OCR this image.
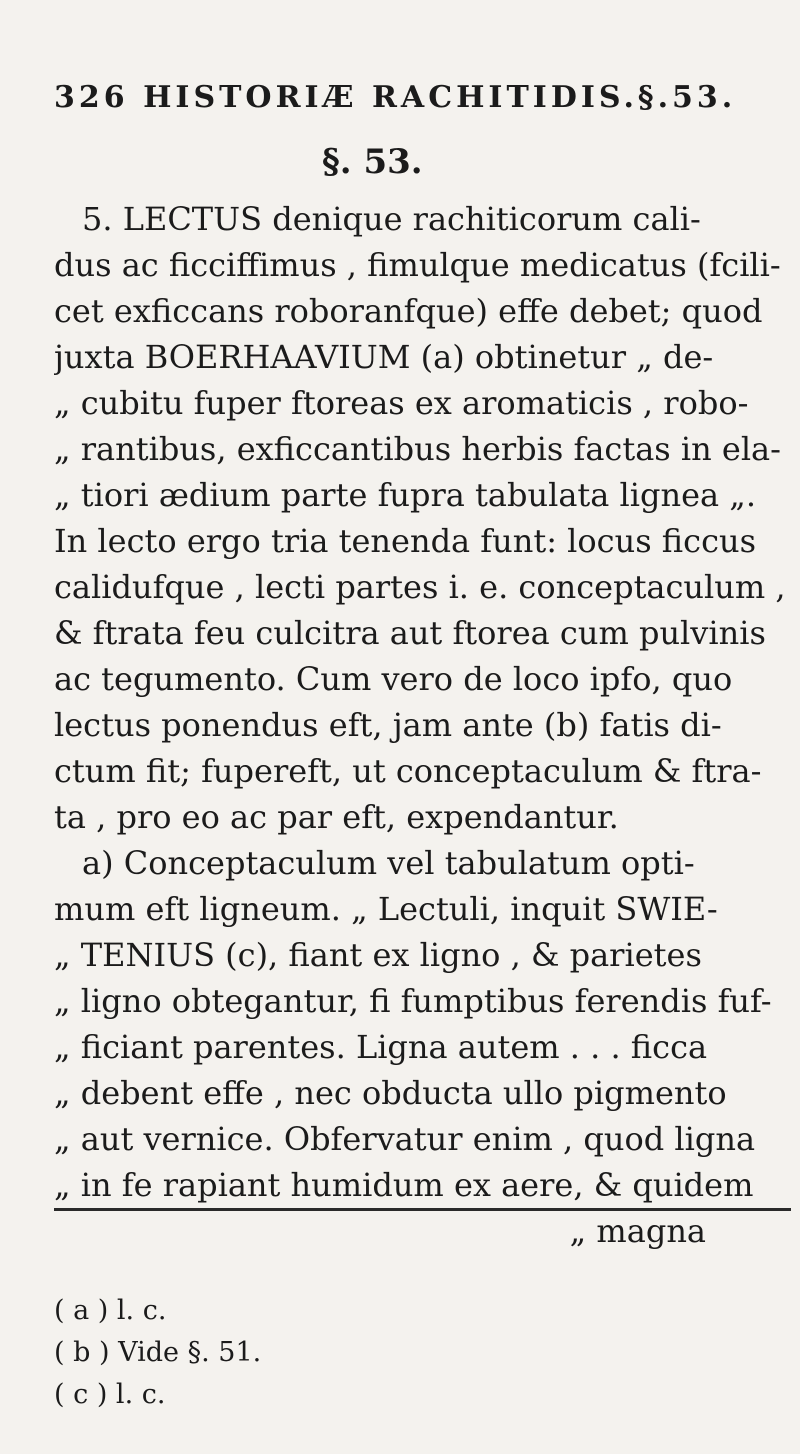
326 HISTORIÆ RACHITIDIS.§.53.
§. 53.
5. LECTUS denique rachiticorum cali-
dus ac ficciffimus , fimulque medicatus (fcili-
cet exficcans roboranfque) effe debet; quod
juxta BOERHAAVIUM (a) obtinetur „ de-
„ cubitu fuper ftoreas ex aromaticis , robo-
„ rantibus, exficcantibus herbis factas in ela-
„ tiori ædium parte fupra tabulata lignea „.
In lecto ergo tria tenenda funt: locus ficcus
calidufque , lecti partes i. e. conceptaculum ,
& ftrata feu culcitra aut ftorea cum pulvinis
ac tegumento. Cum vero de loco ipfo, quo
lectus ponendus eft, jam ante (b) fatis di-
ctum fit; fupereft, ut conceptaculum & ftra-
ta , pro eo ac par eft, expendantur.
a) Conceptaculum vel tabulatum opti-
mum eft ligneum. „ Lectuli, inquit SWIE-
„ TENIUS (c), fiant ex ligno , & parietes
„ ligno obtegantur, fi fumptibus ferendis fuf-
„ ficiant parentes. Ligna autem . . . ficca
„ debent effe , nec obducta ullo pigmento
„ aut vernice. Obfervatur enim , quod ligna
„ in fe rapiant humidum ex aere, & quidem
„ magna
( a ) l. c.
( b ) Vide §. 51.
( c ) l. c.
